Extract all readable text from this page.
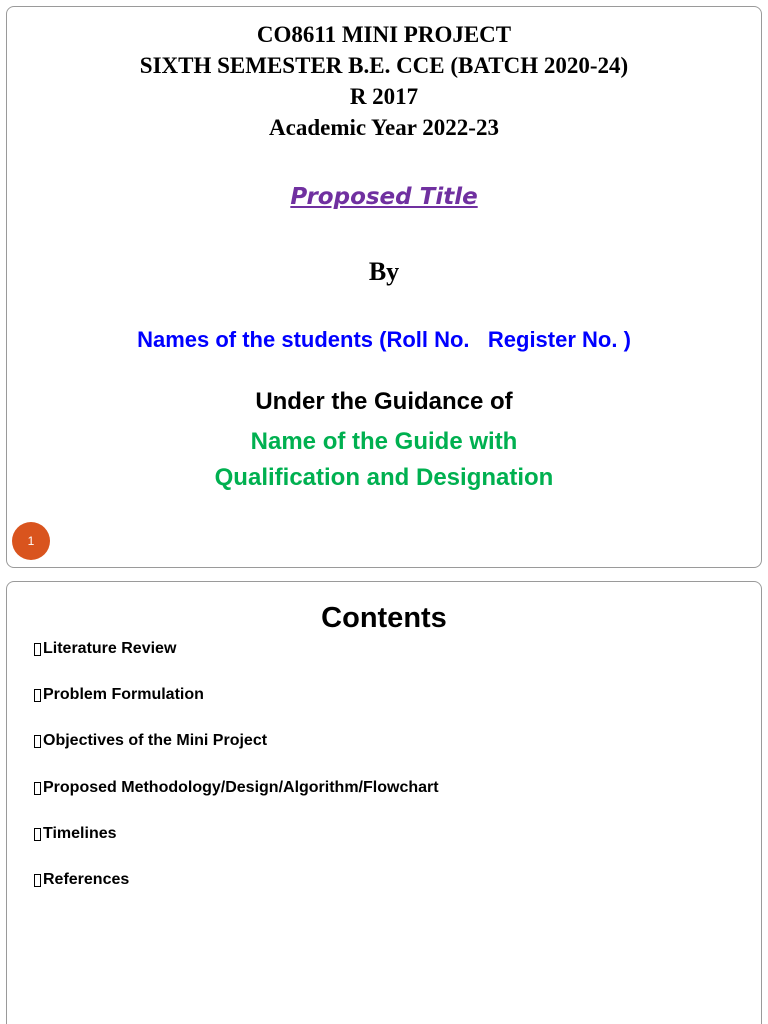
CO8611 MINI PROJECT
SIXTH SEMESTER B.E. CCE (BATCH 2020-24)
R 2017
Academic Year 2022-23
Proposed Title
By
Names of the students (Roll No.   Register No. )
Under the Guidance of
Name of the Guide with
Qualification and Designation
1
Contents
Literature Review
Problem Formulation
Objectives of the Mini Project
Proposed Methodology/Design/Algorithm/Flowchart
Timelines
References
